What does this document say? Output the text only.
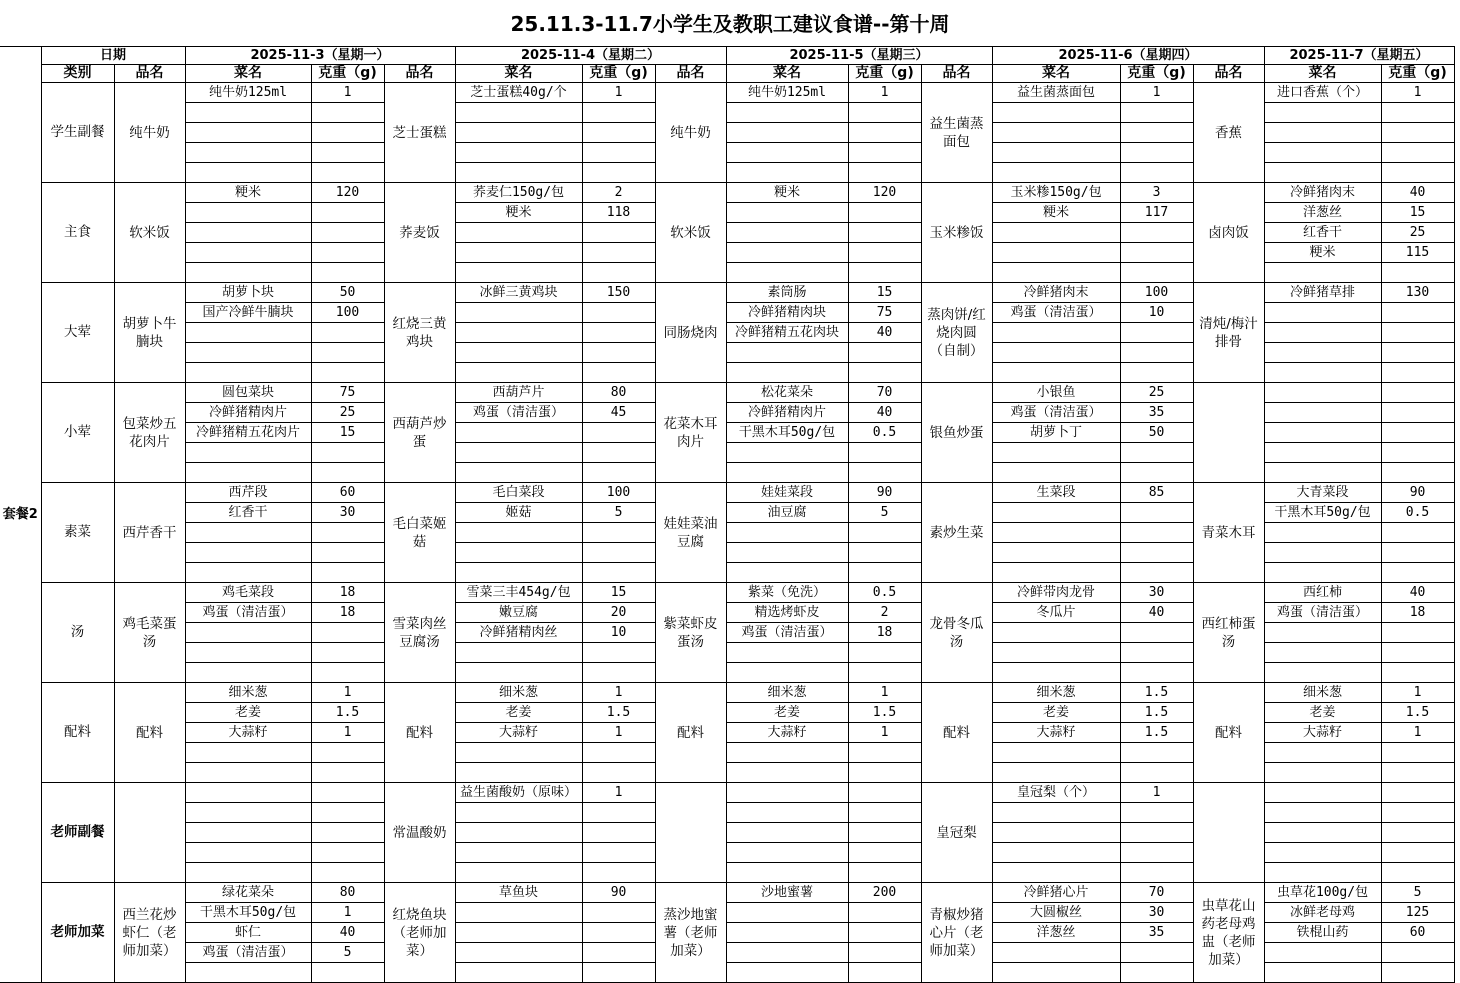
25.11.3-11.7小学生及教职工建议食谱--第十周
套餐2	日期		2025-11-3（星期一）			2025-11-4（星期二）			2025-11-5（星期三）			2025-11-6（星期四）			2025-11-7（星期五）	
	类别	品名	菜名	克重（g)	品名	菜名	克重（g)	品名	菜名	克重（g)	品名	菜名	克重（g)	品名	菜名	克重（g)
	学生副餐	纯牛奶	纯牛奶125ml	1	芝士蛋糕	芝士蛋糕40g/个	1	纯牛奶	纯牛奶125ml	1	益生菌蒸面包	益生菌蒸面包	1	香蕉	进口香蕉（个）	1

	主食	软米饭	粳米	120	荞麦饭	荞麦仁150g/包	2	软米饭	粳米	120	玉米糁饭	玉米糁150g/包	3	卤肉饭	冷鲜猪肉末	40
						粳米	118					粳米	117		洋葱丝	15
															红香干	25
															粳米	115

	大荤	胡萝卜牛腩块	胡萝卜块	50	红烧三黄鸡块	冰鲜三黄鸡块	150	同肠烧肉	素筒肠	15	蒸肉饼/红烧肉圆（自制）	冷鲜猪肉末	100	清炖/梅汁排骨	冷鲜猪草排	130
			国产冷鲜牛腩块	100					冷鲜猪精肉块	75		鸡蛋（清洁蛋）	10			
									冷鲜猪精五花肉块	40						

	小荤	包菜炒五花肉片	圆包菜块	75	西葫芦炒蛋	西葫芦片	80	花菜木耳肉片	松花菜朵	70	银鱼炒蛋	小银鱼	25			
			冷鲜猪精肉片	25		鸡蛋（清洁蛋）	45		冷鲜猪精肉片	40		鸡蛋（清洁蛋）	35			
			冷鲜猪精五花肉片	15					干黑木耳50g/包	0.5		胡萝卜丁	50			

	素菜	西芹香干	西芹段	60	毛白菜姬菇	毛白菜段	100	娃娃菜油豆腐	娃娃菜段	90	素炒生菜	生菜段	85	青菜木耳	大青菜段	90
			红香干	30		姬菇	5		油豆腐	5					干黑木耳50g/包	0.5

	汤	鸡毛菜蛋汤	鸡毛菜段	18	雪菜肉丝豆腐汤	雪菜三丰454g/包	15	紫菜虾皮蛋汤	紫菜（免洗）	0.5	龙骨冬瓜汤	冷鲜带肉龙骨	30	西红柿蛋汤	西红柿	40
			鸡蛋（清洁蛋）	18		嫩豆腐	20		精选烤虾皮	2		冬瓜片	40		鸡蛋（清洁蛋）	18
						冷鲜猪精肉丝	10		鸡蛋（清洁蛋）	18						

	配料	配料	细米葱	1	配料	细米葱	1	配料	细米葱	1	配料	细米葱	1.5	配料	细米葱	1
			老姜	1.5		老姜	1.5		老姜	1.5		老姜	1.5		老姜	1.5
			大蒜籽	1		大蒜籽	1		大蒜籽	1		大蒜籽	1.5		大蒜籽	1

	老师副餐				常温酸奶	益生菌酸奶（原味）	1				皇冠梨	皇冠梨（个）	1			

	老师加菜	西兰花炒虾仁（老师加菜）	绿花菜朵	80	红烧鱼块（老师加菜）	草鱼块	90	蒸沙地蜜薯（老师加菜）	沙地蜜薯	200	青椒炒猪心片（老师加菜）	冷鲜猪心片	70	虫草花山药老母鸡盅（老师加菜）	虫草花100g/包	5
			干黑木耳50g/包	1								大圆椒丝	30		冰鲜老母鸡	125
			虾仁	40								洋葱丝	35		铁棍山药	60
			鸡蛋（清洁蛋）	5												
